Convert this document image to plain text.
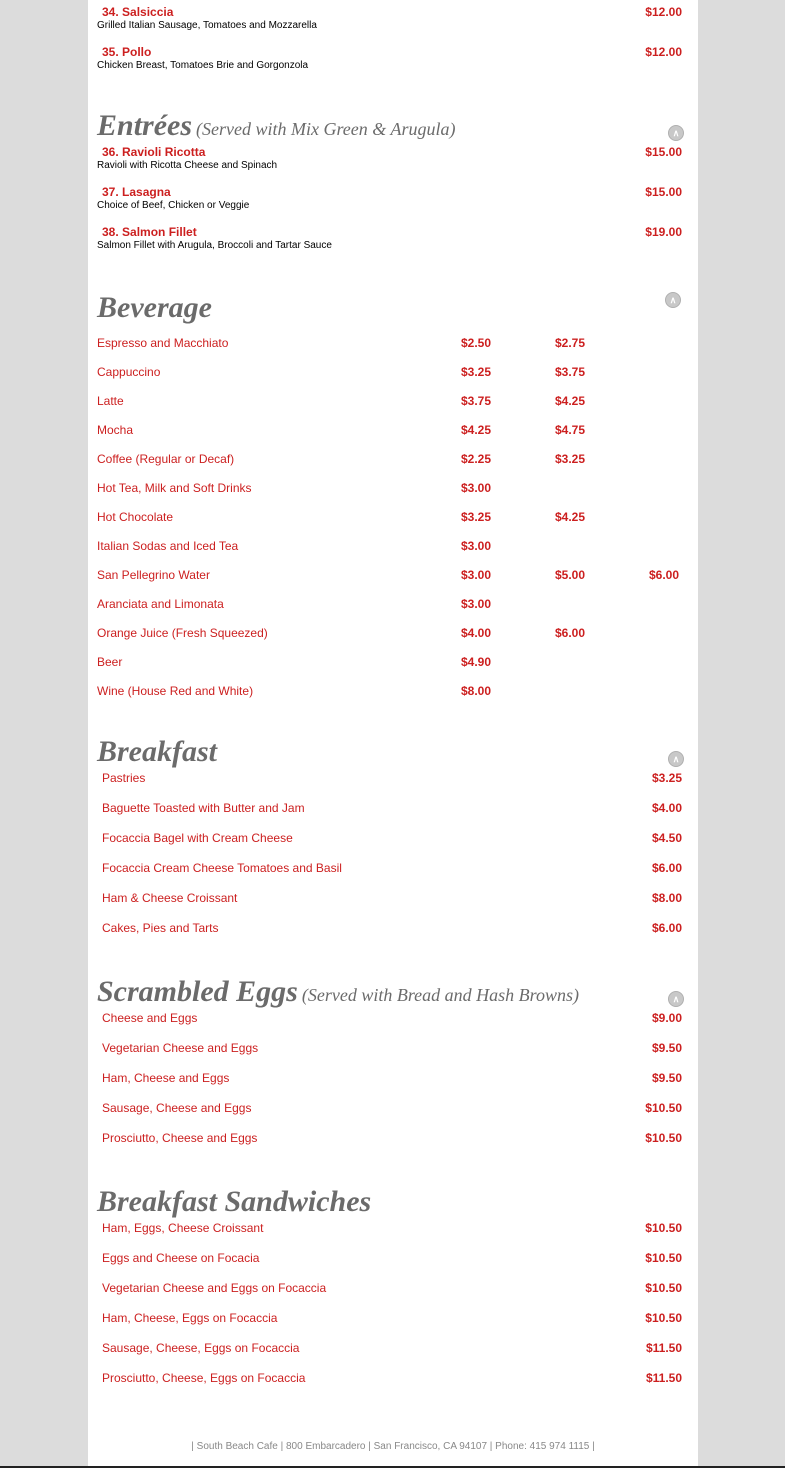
34. Salsiccia	$12.00
Grilled Italian Sausage, Tomatoes and Mozzarella
35. Pollo	$12.00
Chicken Breast, Tomatoes Brie and Gorgonzola
Entrées (Served with Mix Green & Arugula)	∧
36. Ravioli Ricotta	$15.00
Ravioli with Ricotta Cheese and Spinach
37. Lasagna	$15.00
Choice of Beef, Chicken or Veggie
38. Salmon Fillet	$19.00
Salmon Fillet with Arugula, Broccoli and Tartar Sauce
Beverage	∧
Espresso and Macchiato	$2.50	$2.75
Cappuccino	$3.25	$3.75
Latte	$3.75	$4.25
Mocha	$4.25	$4.75
Coffee (Regular or Decaf)	$2.25	$3.25
Hot Tea, Milk and Soft Drinks	$3.00
Hot Chocolate	$3.25	$4.25
Italian Sodas and Iced Tea	$3.00
San Pellegrino Water	$3.00	$5.00	$6.00
Aranciata and Limonata	$3.00
Orange Juice (Fresh Squeezed)	$4.00	$6.00
Beer	$4.90
Wine (House Red and White)	$8.00
Breakfast	∧
Pastries	$3.25
Baguette Toasted with Butter and Jam	$4.00
Focaccia Bagel with Cream Cheese	$4.50
Focaccia Cream Cheese Tomatoes and Basil	$6.00
Ham & Cheese Croissant	$8.00
Cakes, Pies and Tarts	$6.00
Scrambled Eggs (Served with Bread and Hash Browns)	∧
Cheese and Eggs	$9.00
Vegetarian Cheese and Eggs	$9.50
Ham, Cheese and Eggs	$9.50
Sausage, Cheese and Eggs	$10.50
Prosciutto, Cheese and Eggs	$10.50
Breakfast Sandwiches
Ham, Eggs, Cheese Croissant	$10.50
Eggs and Cheese on Focacia	$10.50
Vegetarian Cheese and Eggs on Focaccia	$10.50
Ham, Cheese, Eggs on Focaccia	$10.50
Sausage, Cheese, Eggs on Focaccia	$11.50
Prosciutto, Cheese, Eggs on Focaccia	$11.50
| South Beach Cafe | 800 Embarcadero | San Francisco, CA 94107 | Phone: 415 974 1115 |
